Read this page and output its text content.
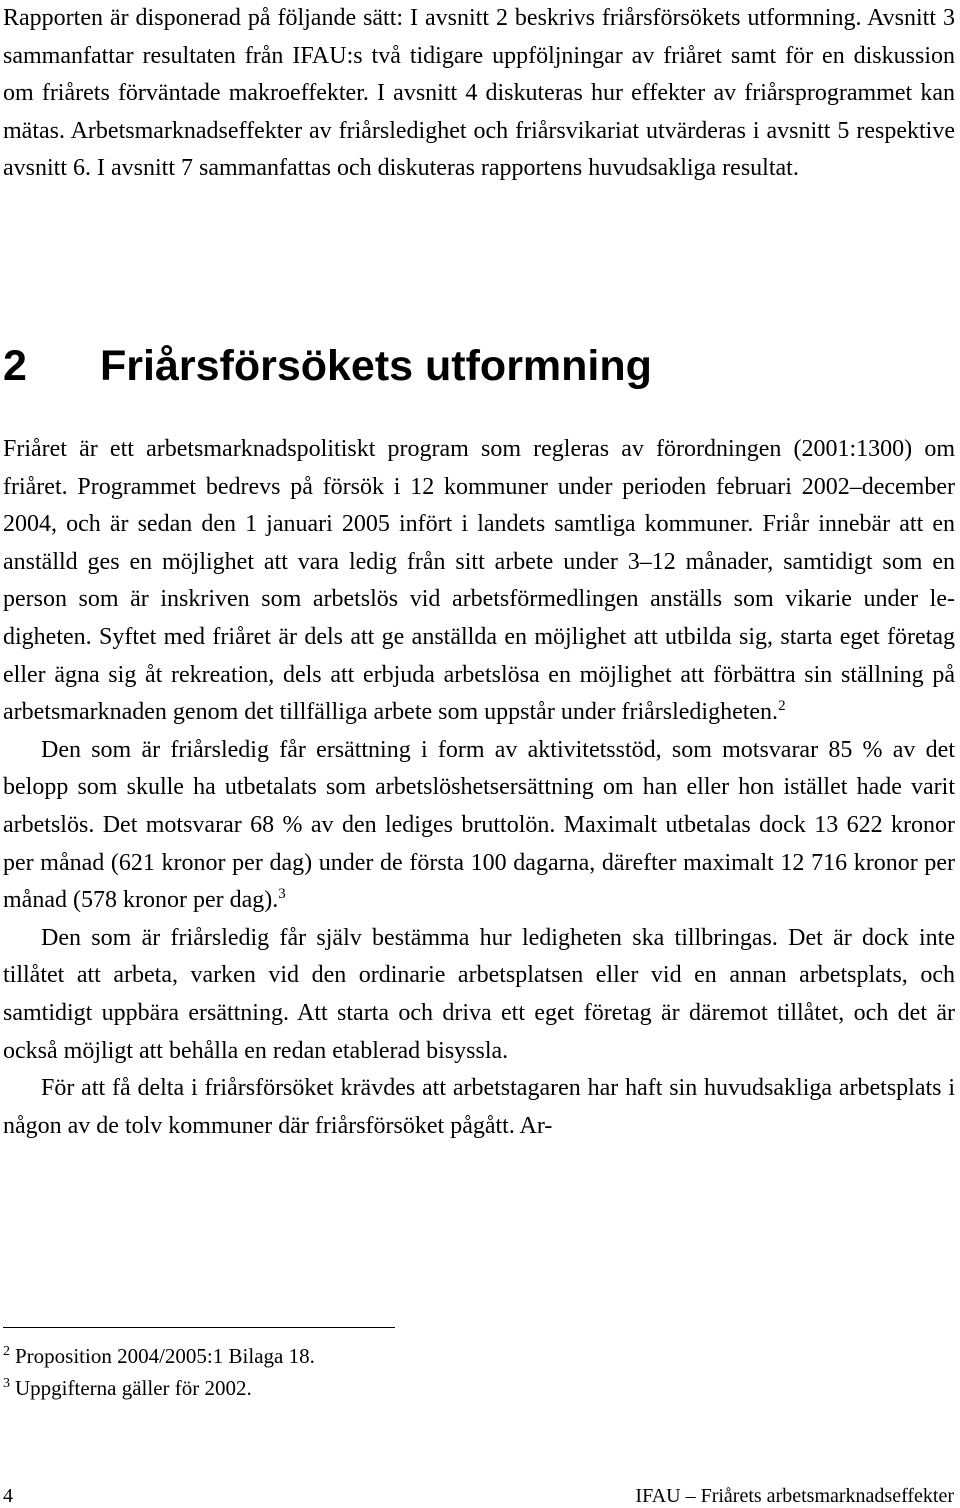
Rapporten är disponerad på följande sätt: I avsnitt 2 beskrivs friårsförsökets utformning. Avsnitt 3 sammanfattar resultaten från IFAU:s två tidigare uppföljningar av friåret samt för en diskussion om friårets förväntade makroeffekter. I avsnitt 4 diskuteras hur effekter av friårsprogrammet kan mätas. Arbetsmarknadseffekter av friårsledighet och friårsvikariat utvärderas i avsnitt 5 respektive avsnitt 6. I avsnitt 7 sammanfattas och diskuteras rapportens huvudsakliga resultat.

2 Friårsförsökets utformning

Friåret är ett arbetsmarknadspolitiskt program som regleras av förordningen (2001:1300) om friåret. Programmet bedrevs på försök i 12 kommuner under perioden februari 2002–december 2004, och är sedan den 1 januari 2005 infört i landets samtliga kommuner. Friår innebär att en anställd ges en möjlighet att vara ledig från sitt arbete under 3–12 månader, samtidigt som en person som är inskriven som arbetslös vid arbetsförmedlingen anställs som vikarie under ledigheten. Syftet med friåret är dels att ge anställda en möjlighet att utbilda sig, starta eget företag eller ägna sig åt rekreation, dels att erbjuda arbetslösa en möjlighet att förbättra sin ställning på arbetsmarknaden genom det tillfälliga arbete som uppstår under friårsledigheten.$^2$

Den som är friårsledig får ersättning i form av aktivitetsstöd, som motsvarar 85 % av det belopp som skulle ha utbetalats som arbetslöshetsersättning om han eller hon istället hade varit arbetslös. Det motsvarar 68 % av den lediges bruttolön. Maximalt utbetalas dock 13 622 kronor per månad (621 kronor per dag) under de första 100 dagarna, därefter maximalt 12 716 kronor per månad (578 kronor per dag).$^3$

Den som är friårsledig får själv bestämma hur ledigheten ska tillbringas. Det är dock inte tillåtet att arbeta, varken vid den ordinarie arbetsplatsen eller vid en annan arbetsplats, och samtidigt uppbära ersättning. Att starta och driva ett eget företag är däremot tillåtet, och det är också möjligt att behålla en redan etablerad bisyssla.

För att få delta i friårsförsöket krävdes att arbetstagaren har haft sin huvudsakliga arbetsplats i någon av de tolv kommuner där friårsförsöket pågått. Ar-

$^2$ Proposition 2004/2005:1 Bilaga 18.

$^3$ Uppgifterna gäller för 2002.

4	IFAU – Friårets arbetsmarknadseffekter
